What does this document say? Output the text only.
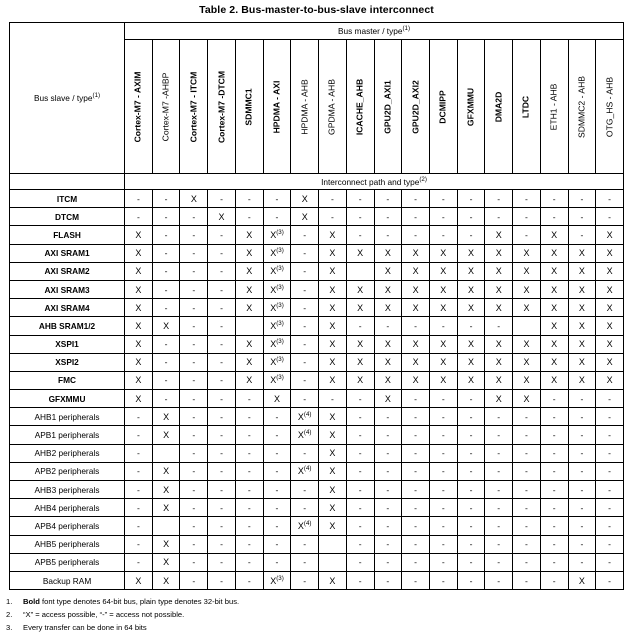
Table 2. Bus-master-to-bus-slave interconnect
Bus slave / type$^{(1)}$	Bus master / type$^{(1)}$

	Cortex-M7 - AXIM	Cortex-M7 -AHBP	Cortex-M7 - ITCM	Cortex-M7 -DTCM	SDMMC1	HPDMA - AXI	HPDMA - AHB	GPDMA - AHB	ICACHE_AHB	GPU2D_AXI1	GPU2D_AXI2	DCMIPP	GFXMMU	DMA2D	LTDC	ETH1 - AHB	SDMMC2 - AHB	OTG_HS - AHB

	Interconnect path and type$^{(2)}$
ITCM	-	-	X	-	-	-	X	-	-	-	-	-	-	-	-	-	-	-
DTCM	-	-	-	X	-	-	X	-	-	-	-	-	-	-	-	-	-	-
FLASH	X	-	-	-	X	$X^{(3)}$	-	X	-	-	-	-	-	X	-	X	-	X
AXI SRAM1	X	-	-	-	X	$X^{(3)}$	-	X	X	X	X	X	X	X	X	X	X	X
AXI SRAM2	X	-	-	-	X	$X^{(3)}$	-	X		X	X	X	X	X	X	X	X	X
AXI SRAM3	X	-	-	-	X	$X^{(3)}$	-	X	X	X	X	X	X	X	X	X	X	X
AXI SRAM4	X	-	-	-	X	$X^{(3)}$	-	X	X	X	X	X	X	X	X	X	X	X
AHB SRAM1/2	X	X	-	-		$X^{(3)}$	-	X	-	-	-	-	-	-		X	X	X
XSPI1	X	-	-	-	X	$X^{(3)}$	-	X	X	X	X	X	X	X	X	X	X	X
XSPI2	X	-	-	-	X	$X^{(3)}$	-	X	X	X	X	X	X	X	X	X	X	X
FMC	X	-	-	-	X	$X^{(3)}$	-	X	X	X	X	X	X	X	X	X	X	X
GFXMMU	X	-	-	-	-	X	-	-	-	X	-	-	-	X	X	-	-	-
AHB1 peripherals	-	X	-	-	-	-	$X^{(4)}$	X	-	-	-	-	-	-	-	-	-	-
APB1 peripherals	-	X	-	-	-	-	$X^{(4)}$	X	-	-	-	-	-	-	-	-	-	-
AHB2 peripherals	-		-	-	-	-	-	X	-	-	-	-	-	-	-	-	-	-
APB2 peripherals	-	X	-	-	-	-	$X^{(4)}$	X	-	-	-	-	-	-	-	-	-	-
AHB3 peripherals	-	X	-	-	-	-	-	X	-	-	-	-	-	-	-	-	-	-
AHB4 peripherals	-	X	-	-	-	-	-	X	-	-	-	-	-	-	-	-	-	-
APB4 peripherals	-		-	-	-	-	$X^{(4)}$	X	-	-	-	-	-	-	-	-	-	-
AHB5 peripherals	-	X	-	-	-	-	-		-	-	-	-	-	-	-	-	-	-
APB5 peripherals	-	X	-	-	-	-	-		-	-	-	-	-	-	-	-	-	-
Backup RAM	X	X	-	-	-	$X^{(3)}$	-	X	-	-	-	-	-	-	-	-	X	-
1.	Bold font type denotes 64-bit bus, plain type denotes 32-bit bus.
2.	“X” = access possible, “-” = access not possible.
3.	Every transfer can be done in 64 bits
